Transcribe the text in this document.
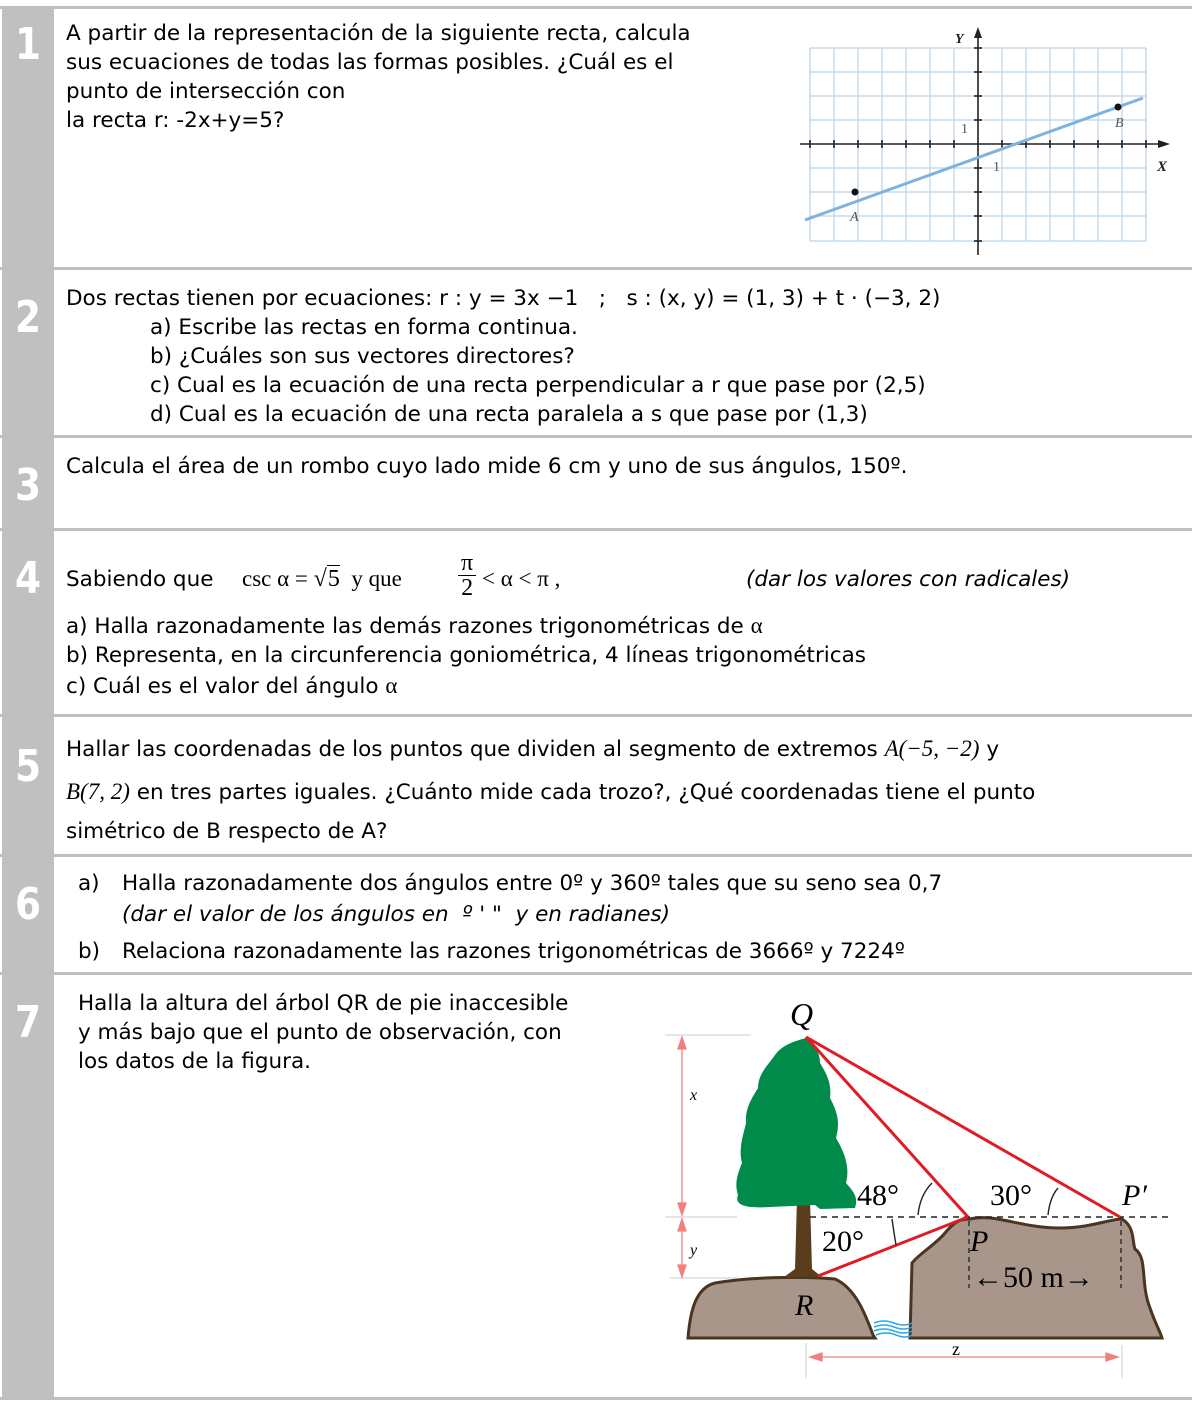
1	A partir de la representación de la siguiente recta, calcula
sus ecuaciones de todas las formas posibles. ¿Cuál es el
punto de intersección con
la recta r: -2x+y=5?
A
B
1
1
Y
X
2	Dos rectas tienen por ecuaciones: r : y = 3x −1   ;   s : (x, y) = (1, 3) + t · (−3, 2)
a) Escribe las rectas en forma continua.
b) ¿Cuáles son sus vectores directores?
c) Cual es la ecuación de una recta perpendicular a r que pase por (2,5)
d) Cual es la ecuación de una recta paralela a s que pase por (1,3)
3	Calcula el área de un rombo cuyo lado mide 6 cm y uno de sus ángulos, 150º.
4	Sabiendo que csc α = √5 y que $\frac{\pi}{2} < \alpha < \pi$ ,	(dar los valores con radicales)
a) Halla razonadamente las demás razones trigonométricas de α
b) Representa, en la circunferencia goniométrica, 4 líneas trigonométricas
c) Cuál es el valor del ángulo α
5	Hallar las coordenadas de los puntos que dividen al segmento de extremos A(−5, −2) y
B(7, 2) en tres partes iguales. ¿Cuánto mide cada trozo?, ¿Qué coordenadas tiene el punto
simétrico de B respecto de A?
6	a) Halla razonadamente dos ángulos entre 0º y 360º tales que su seno sea 0,7
(dar el valor de los ángulos en  º ' "  y en radianes)
b) Relaciona razonadamente las razones trigonométricas de 3666º y 7224º
7	Halla la altura del árbol QR de pie inaccesible
y más bajo que el punto de observación, con
los datos de la figura.
x
y
z
Q
R
P
P′
48°	30°
20°
←50 m→
